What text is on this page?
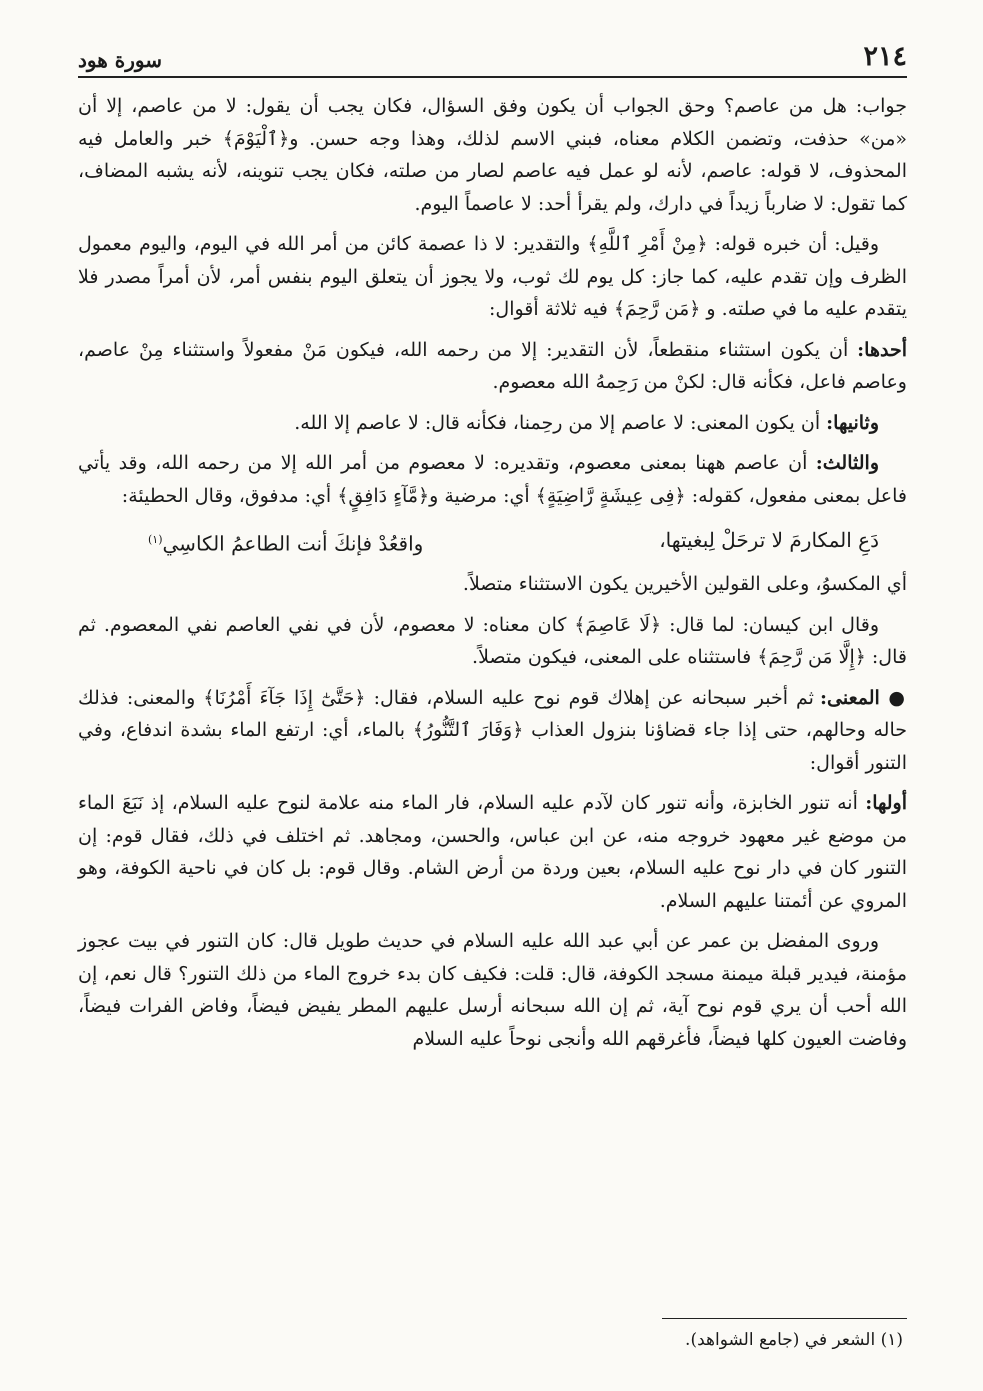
٢١٤
سورة هود

جواب: هل من عاصم؟ وحق الجواب أن يكون وفق السؤال، فكان يجب أن يقول: لا من عاصم، إلا أن «من» حذفت، وتضمن الكلام معناه، فبني الاسم لذلك، وهذا وجه حسن. و﴿ٱلْيَوْمَ﴾ خبر والعامل فيه المحذوف، لا قوله: عاصم، لأنه لو عمل فيه عاصم لصار من صلته، فكان يجب تنوينه، لأنه يشبه المضاف، كما تقول: لا ضارباً زيداً في دارك، ولم يقرأ أحد: لا عاصماً اليوم.

وقيل: أن خبره قوله: ﴿مِنْ أَمْرِ ٱللَّهِ﴾ والتقدير: لا ذا عصمة كائن من أمر الله في اليوم، واليوم معمول الظرف وإن تقدم عليه، كما جاز: كل يوم لك ثوب، ولا يجوز أن يتعلق اليوم بنفس أمر، لأن أمراً مصدر فلا يتقدم عليه ما في صلته. و ﴿مَن رَّحِمَ﴾ فيه ثلاثة أقوال:

أحدها: أن يكون استثناء منقطعاً، لأن التقدير: إلا من رحمه الله، فيكون مَنْ مفعولاً واستثناء مِنْ عاصم، وعاصم فاعل، فكأنه قال: لكنْ من رَحِمهُ الله معصوم.

وثانيها: أن يكون المعنى: لا عاصم إلا من رحِمنا، فكأنه قال: لا عاصم إلا الله.

والثالث: أن عاصم ههنا بمعنى معصوم، وتقديره: لا معصوم من أمر الله إلا من رحمه الله، وقد يأتي فاعل بمعنى مفعول، كقوله: ﴿فِى عِيشَةٍ رَّاضِيَةٍ﴾ أي: مرضية و﴿مَّآءٍ دَافِقٍ﴾ أي: مدفوق، وقال الحطيئة:

دَعِ المكارمَ لا ترحَلْ لِبغيتها،
واقعُدْ فإنكَ أنت الطاعمُ الكاسِي$^{(١)}$

أي المكسوُ، وعلى القولين الأخيرين يكون الاستثناء متصلاً.

وقال ابن كيسان: لما قال: ﴿لَا عَاصِمَ﴾ كان معناه: لا معصوم، لأن في نفي العاصم نفي المعصوم. ثم قال: ﴿إِلَّا مَن رَّحِمَ﴾ فاستثناه على المعنى، فيكون متصلاً.

● المعنى: ثم أخبر سبحانه عن إهلاك قوم نوح عليه السلام، فقال: ﴿حَتَّىٰٓ إِذَا جَآءَ أَمْرُنَا﴾ والمعنى: فذلك حاله وحالهم، حتى إذا جاء قضاؤنا بنزول العذاب ﴿وَفَارَ ٱلتَّنُّورُ﴾ بالماء، أي: ارتفع الماء بشدة اندفاع، وفي التنور أقوال:

أولها: أنه تنور الخابزة، وأنه تنور كان لآدم عليه السلام، فار الماء منه علامة لنوح عليه السلام، إذ نَبَعَ الماء من موضع غير معهود خروجه منه، عن ابن عباس، والحسن، ومجاهد. ثم اختلف في ذلك، فقال قوم: إن التنور كان في دار نوح عليه السلام، بعين وردة من أرض الشام. وقال قوم: بل كان في ناحية الكوفة، وهو المروي عن أئمتنا عليهم السلام.

وروى المفضل بن عمر عن أبي عبد الله عليه السلام في حديث طويل قال: كان التنور في بيت عجوز مؤمنة، فيدير قبلة ميمنة مسجد الكوفة، قال: قلت: فكيف كان بدء خروج الماء من ذلك التنور؟ قال نعم، إن الله أحب أن يري قوم نوح آية، ثم إن الله سبحانه أرسل عليهم المطر يفيض فيضاً، وفاض الفرات فيضاً، وفاضت العيون كلها فيضاً، فأغرقهم الله وأنجى نوحاً عليه السلام

(١) الشعر في (جامع الشواهد).
